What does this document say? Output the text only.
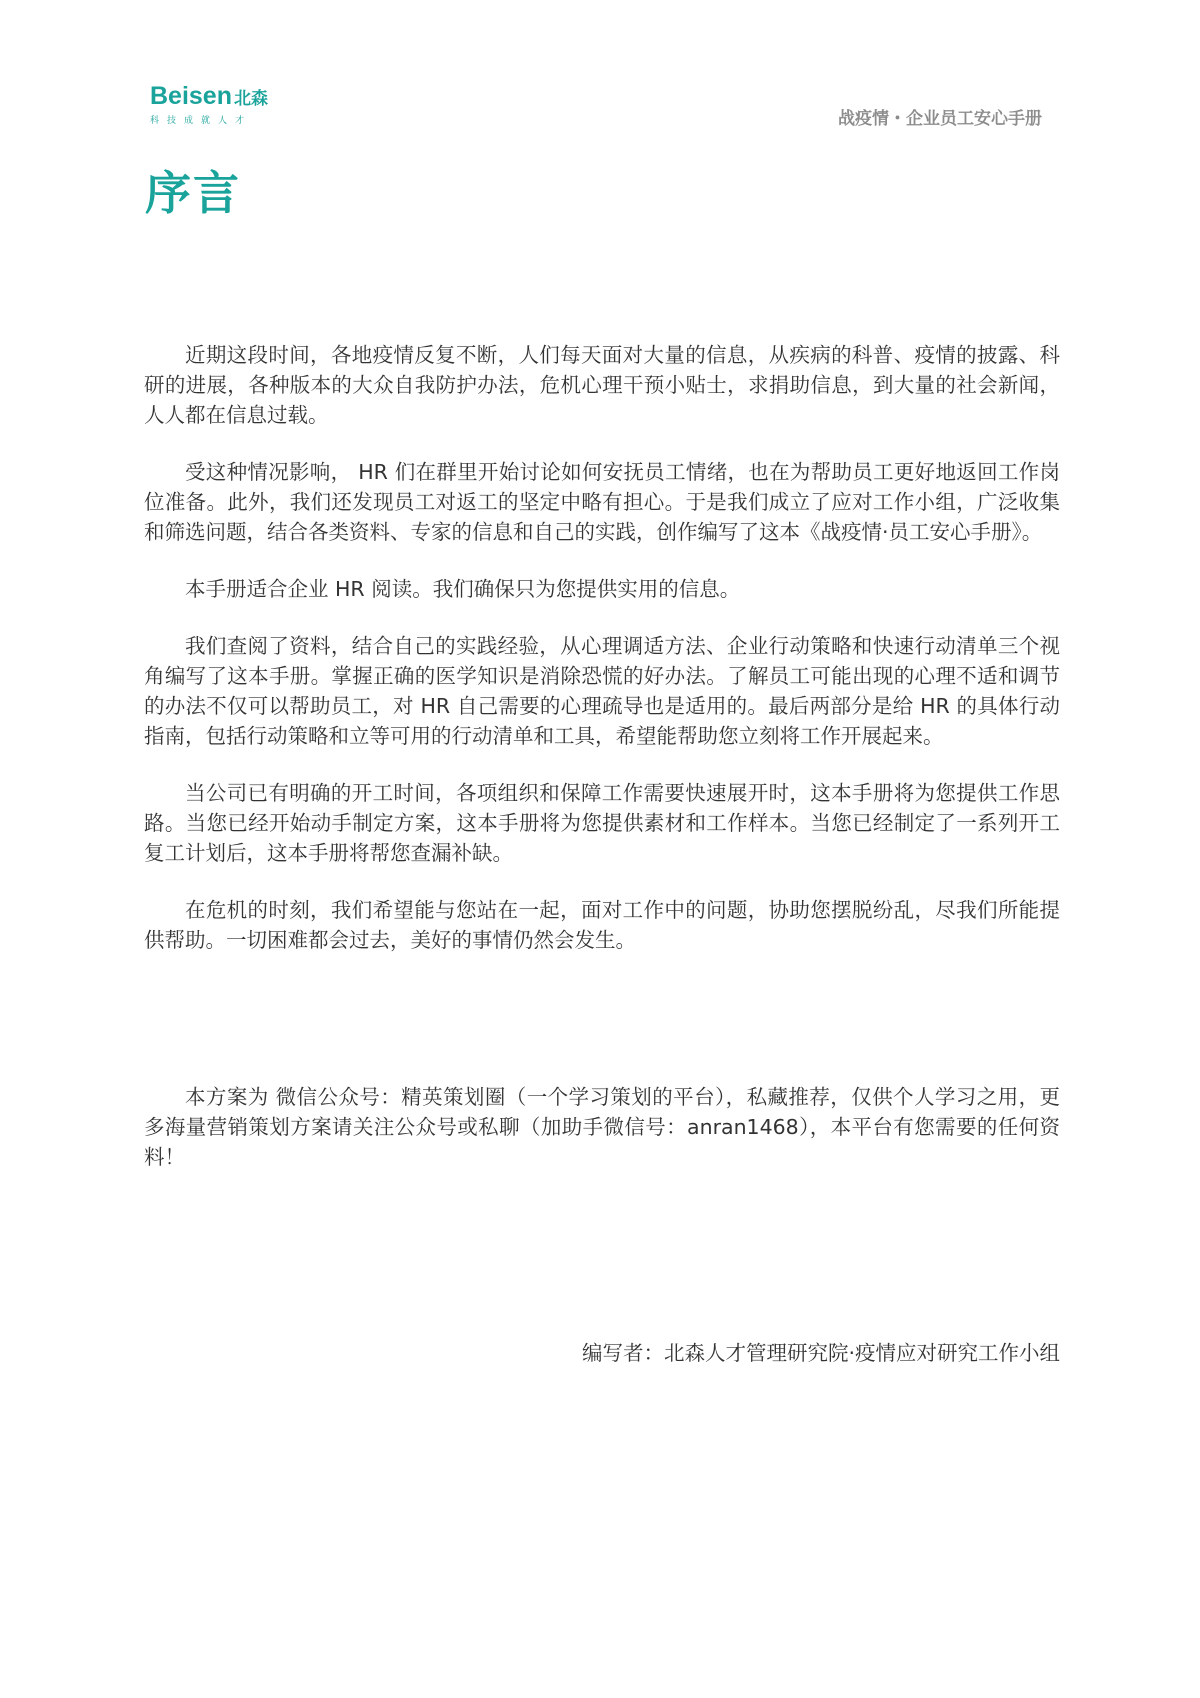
Beisen 北森
科技成就人才	战疫情・企业员工安心手册
序言

近期这段时间，各地疫情反复不断，人们每天面对大量的信息，从疾病的科普、疫情的披露、科研的进展，各种版本的大众自我防护办法，危机心理干预小贴士，求捐助信息，到大量的社会新闻，人人都在信息过载。

受这种情况影响， HR 们在群里开始讨论如何安抚员工情绪，也在为帮助员工更好地返回工作岗位准备。此外，我们还发现员工对返工的坚定中略有担心。于是我们成立了应对工作小组，广泛收集和筛选问题，结合各类资料、专家的信息和自己的实践，创作编写了这本《战疫情·员工安心手册》。

本手册适合企业 HR 阅读。我们确保只为您提供实用的信息。

我们查阅了资料，结合自己的实践经验，从心理调适方法、企业行动策略和快速行动清单三个视角编写了这本手册。掌握正确的医学知识是消除恐慌的好办法。了解员工可能出现的心理不适和调节的办法不仅可以帮助员工，对 HR 自己需要的心理疏导也是适用的。最后两部分是给 HR 的具体行动指南，包括行动策略和立等可用的行动清单和工具，希望能帮助您立刻将工作开展起来。

当公司已有明确的开工时间，各项组织和保障工作需要快速展开时，这本手册将为您提供工作思路。当您已经开始动手制定方案，这本手册将为您提供素材和工作样本。当您已经制定了一系列开工复工计划后，这本手册将帮您查漏补缺。

在危机的时刻，我们希望能与您站在一起，面对工作中的问题，协助您摆脱纷乱，尽我们所能提供帮助。一切困难都会过去，美好的事情仍然会发生。

本方案为 微信公众号：精英策划圈（一个学习策划的平台），私藏推荐，仅供个人学习之用，更多海量营销策划方案请关注公众号或私聊（加助手微信号：anran1468），本平台有您需要的任何资料！

编写者：北森人才管理研究院·疫情应对研究工作小组
